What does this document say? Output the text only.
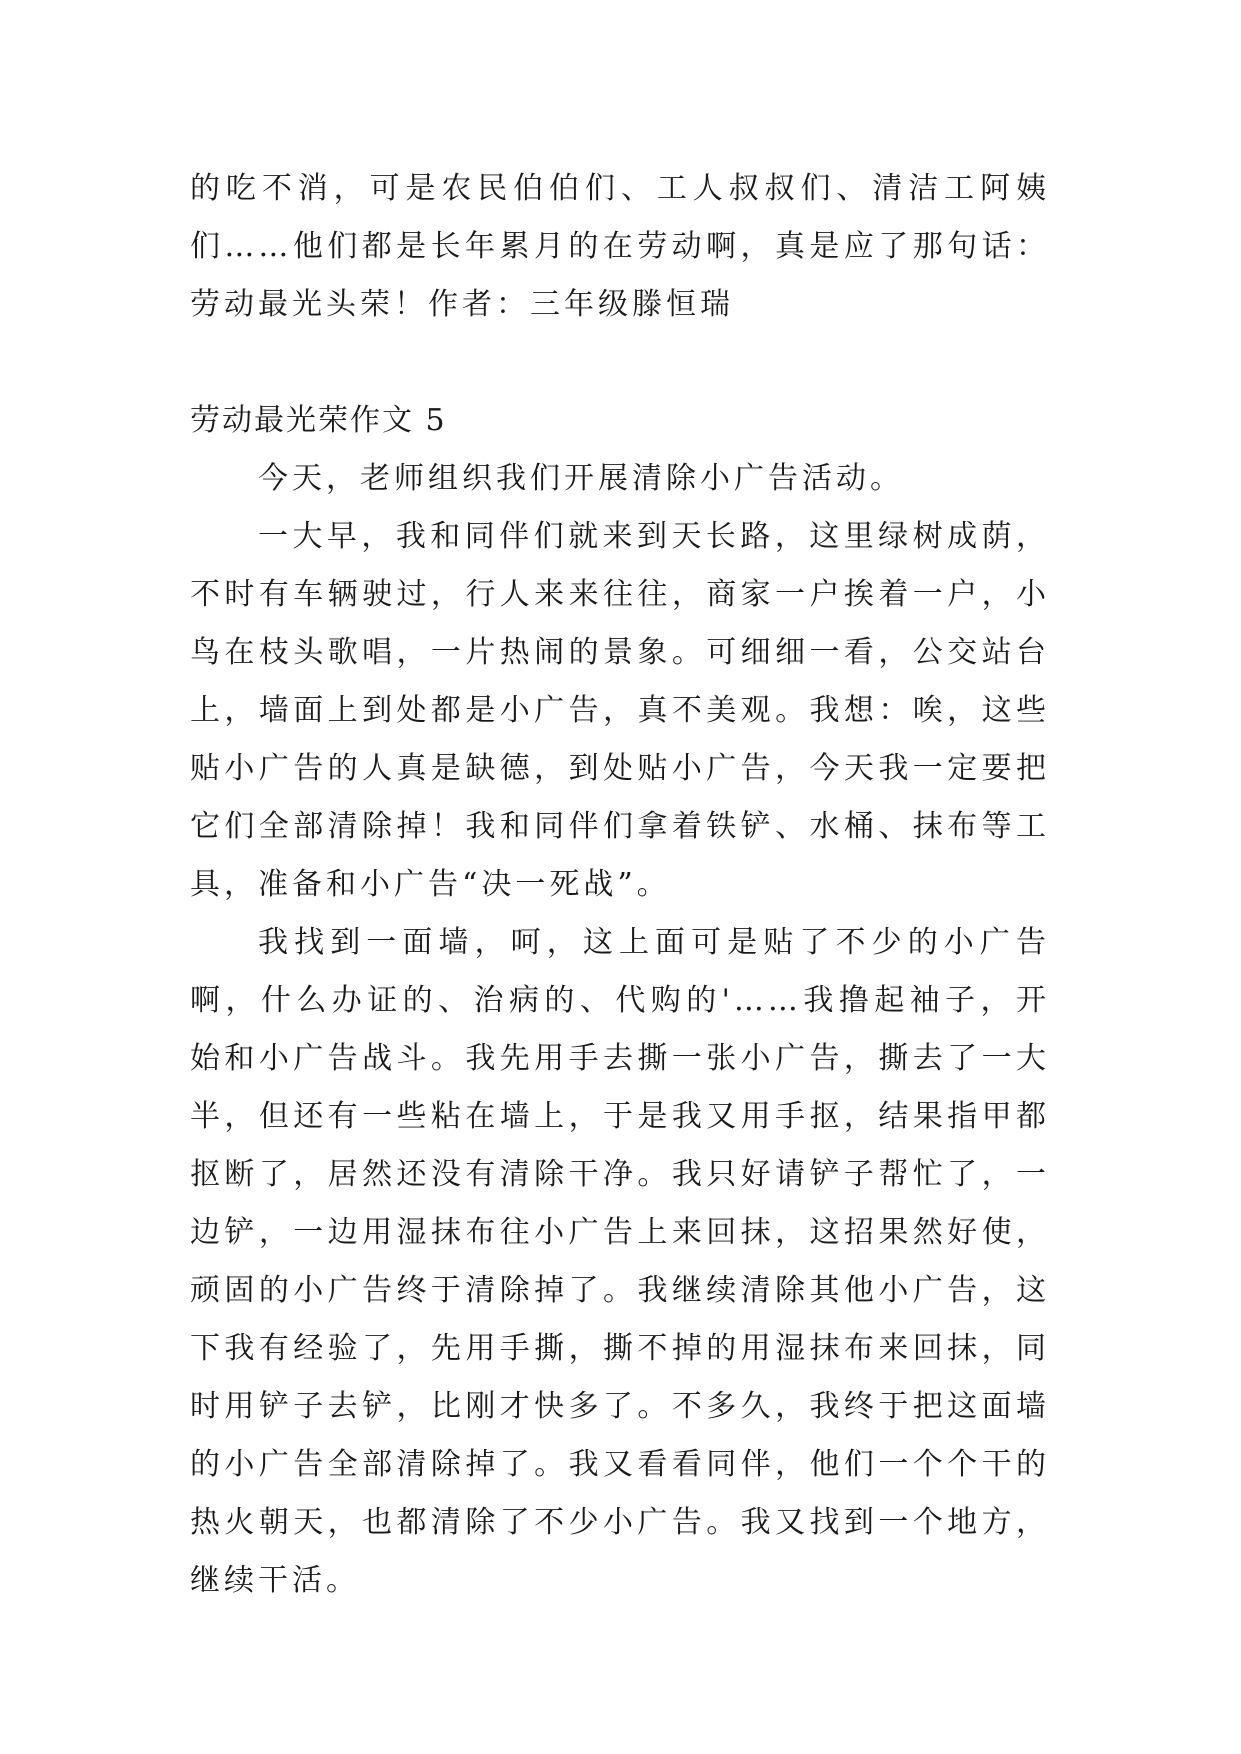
的吃不消，可是农民伯伯们、工人叔叔们、清洁工阿姨们……他们都是长年累月的在劳动啊，真是应了那句话：劳动最光头荣！作者：三年级滕恒瑞

劳动最光荣作文 5

今天，老师组织我们开展清除小广告活动。

一大早，我和同伴们就来到天长路，这里绿树成荫，不时有车辆驶过，行人来来往往，商家一户挨着一户，小鸟在枝头歌唱，一片热闹的景象。可细细一看，公交站台上，墙面上到处都是小广告，真不美观。我想：唉，这些贴小广告的人真是缺德，到处贴小广告，今天我一定要把它们全部清除掉！我和同伴们拿着铁铲、水桶、抹布等工具，准备和小广告“决一死战”。

我找到一面墙，呵，这上面可是贴了不少的小广告啊，什么办证的、治病的、代购的'……我撸起袖子，开始和小广告战斗。我先用手去撕一张小广告，撕去了一大半，但还有一些粘在墙上，于是我又用手抠，结果指甲都抠断了，居然还没有清除干净。我只好请铲子帮忙了，一边铲，一边用湿抹布往小广告上来回抹，这招果然好使，顽固的小广告终于清除掉了。我继续清除其他小广告，这下我有经验了，先用手撕，撕不掉的用湿抹布来回抹，同时用铲子去铲，比刚才快多了。不多久，我终于把这面墙的小广告全部清除掉了。我又看看同伴，他们一个个干的热火朝天，也都清除了不少小广告。我又找到一个地方，继续干活。
